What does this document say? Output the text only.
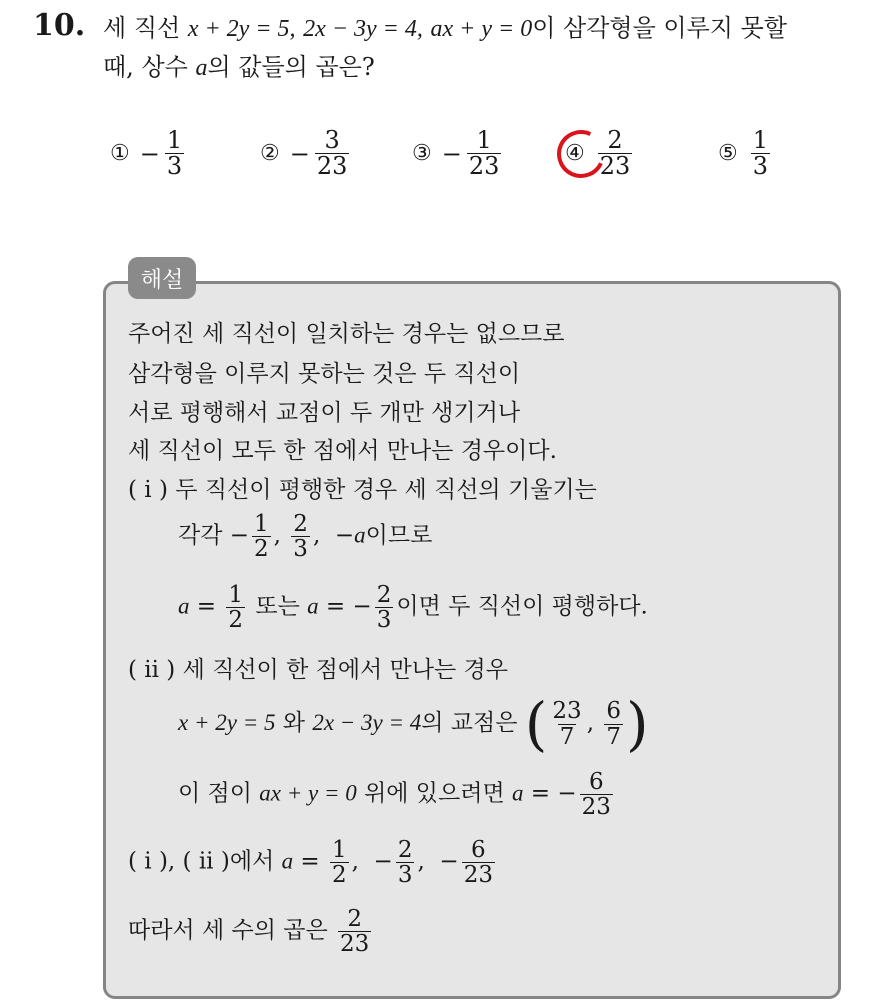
10. 세 직선 x + 2y = 5, 2x − 3y = 4, ax + y = 0이 삼각형을 이루지 못할
때, 상수 a의 값들의 곱은?
① − $\frac{1}{3}$	② − $\frac{3}{23}$	③ − $\frac{1}{23}$	④ $\frac{2}{23}$	⑤ $\frac{1}{3}$
해설
주어진 세 직선이 일치하는 경우는 없으므로
삼각형을 이루지 못하는 것은 두 직선이
서로 평행해서 교점이 두 개만 생기거나
세 직선이 모두 한 점에서 만나는 경우이다.
( i ) 두 직선이 평행한 경우 세 직선의 기울기는
각각 − $\frac{1}{2}$ , $\frac{2}{3}$ ,  −a이므로
$a = \frac{1}{2}$ 또는 a = − $\frac{2}{3}$ 이면 두 직선이 평행하다.
( ii ) 세 직선이 한 점에서 만나는 경우
x + 2y = 5 와 2x − 3y = 4의 교점은 ( $\frac{23}{7}$ , $\frac{6}{7}$ )
이 점이 ax + y = 0 위에 있으려면 a = − $\frac{6}{23}$
( i ), ( ii )에서 $a = \frac{1}{2}$ ,  − $\frac{2}{3}$ ,  − $\frac{6}{23}$
따라서 세 수의 곱은 $\frac{2}{23}$
